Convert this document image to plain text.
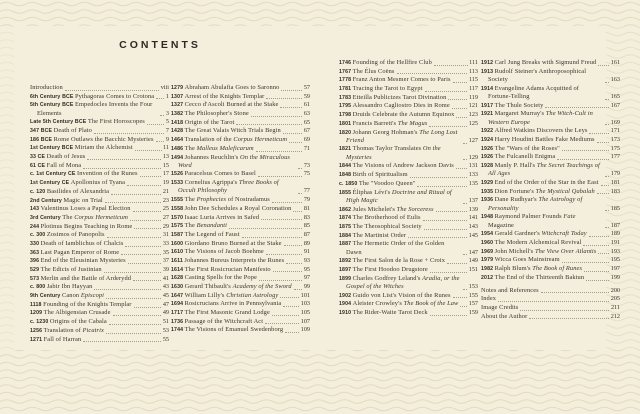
CONTENTS
Introduction	viii
6th Century BCE Pythagoras Comes to Crotona 1
5th Century BCE Empedocles Invents the Four Elements	3
Late 5th Century BCE The First Horoscopes	5
347 BCE Death of Plato	7
186 BCE Rome Outlaws the Bacchic Mysteries 9
1st Century BCE Miriam the Alchemist	11
33 CE Death of Jesus	13
61 CE Fall of Mona	15
c. 1st Century CE Invention of the Runes	17
1st Century CE Apollonius of Tyana	19
c. 120 Basilides of Alexandria	21
2nd Century Magic on Trial	23
143 Valentinus Loses a Papal Election	25
3rd Century The Corpus Hermeticum	27
244 Plotinus Begins Teaching in Rome	29
c. 300 Zosimos of Panopolis	31
330 Death of Iamblichus of Chalcis	33
363 Last Pagan Emperor of Rome	35
396 End of the Eleusinian Mysteries	37
529 The Edicts of Justinian	39
573 Merlin and the Battle of Arderydd	41
c. 800 Jabir Ibn Hayyan	43
9th Century Canon Episcopi	45
1118 Founding of the Knights Templar	47
1209 The Albigensian Crusade	49
c. 1230 Origins of the Cabala	51
1256 Translation of Picatrix	53
1271 Fall of Harran	55
1279 Abraham Abulafia Goes to Saronno	57
1307 Arrest of the Knights Templar	59
1327 Cecco d'Ascoli Burned at the Stake	61
1382 The Philosopher's Stone	63
1418 Origin of the Tarot	65
1428 The Great Valais Witch Trials Begin	67
1464 Translation of the Corpus Hermeticum	69
1486 The Malleus Maleficarum	71
1494 Johannes Reuchlin's On the Miraculous Word	73
1526 Paracelsus Comes to Basel	75
1533 Cornelius Agrippa's Three Books of Occult Philosophy	77
1555 The Prophecies of Nostradamus	79
1558 John Dee Schedules a Royal Coronation 81
1570 Isaac Luria Arrives in Safed	83
1575 The Benandanti	85
1587 The Legend of Faust	87
1600 Giordano Bruno Burned at the Stake	89
1610 The Visions of Jacob Boehme	91
1611 Johannes Bureus Interprets the Runes	93
1614 The First Rosicrucian Manifesto	95
1628 Casting Spells for the Pope	97
1630 Gerard Thibault's Academy of the Sword 99
1647 William Lilly's Christian Astrology	101
1694 Rosicrucians Arrive in Pennsylvania	103
1717 The First Masonic Grand Lodge	105
1736 Passage of the Witchcraft Act	107
1744 The Visions of Emanuel Swedenborg	109
1746 Founding of the Hellfire Club	111
1767 The Élus Coëns	113
1778 Franz Anton Mesmer Comes to Paris	115
1781 Tracing the Tarot to Egypt	117
1783 Etteilla Publicizes Tarot Divination	119
1795 Alessandro Cagliostro Dies in Rome	121
1798 Druids Celebrate the Autumn Equinox 123
1801 Francis Barrett's The Magus	125
1820 Johann Georg Hohman's The Long Lost Friend	127
1821 Thomas Taylor Translates On the Mysteries	129
1844 The Visions of Andrew Jackson Davis 131
1848 Birth of Spiritualism	133
c. 1850 The "Voodoo Queen"	135
1855 Éliphas Lévi's Doctrine and Ritual of High Magic	137
1862 Jules Michelet's The Sorceress	139
1874 The Brotherhood of Eulis	141
1875 The Theosophical Society	143
1884 The Martinist Order	145
1887 The Hermetic Order of the Golden Dawn	147
1892 The First Salon de la Rose + Croix	149
1897 The First Hoodoo Drugstore	151
1899 Charles Godfrey Leland's Aradia, or the Gospel of the Witches	153
1902 Guido von List's Vision of the Runes	155
1904 Aleister Crowley's The Book of the Law 157
1910 The Rider-Waite Tarot Deck	159
1912 Carl Jung Breaks with Sigmund Freud 161
1913 Rudolf Steiner's Anthroposophical Society	163
1914 Evangeline Adams Acquitted of Fortune-Telling	165
1917 The Thule Society	167
1921 Margaret Murray's The Witch-Cult in Western Europe	169
1922 Alfred Watkins Discovers the Leys	171
1924 Harry Houdini Battles Fake Mediums	173
1926 The "Wars of the Roses"	175
1926 The Fulcanelli Enigma	177
1928 Manly P. Hall's The Secret Teachings of All Ages	179
1929 End of the Order of the Star in the East 181
1935 Dion Fortune's The Mystical Qabalah	183
1936 Dane Rudhyar's The Astrology of Personality	185
1948 Raymond Palmer Founds Fate Magazine	187
1954 Gerald Gardner's Witchcraft Today	189
1960 The Modern Alchemical Revival	191
1969 John Michell's The View Over Atlantis 193
1979 Wicca Goes Mainstream	195
1982 Ralph Blum's The Book of Runes	197
2012 The End of the Thirteenth Baktun	199
Notes and References	200
Index	205
Image Credits	211
About the Author	212
